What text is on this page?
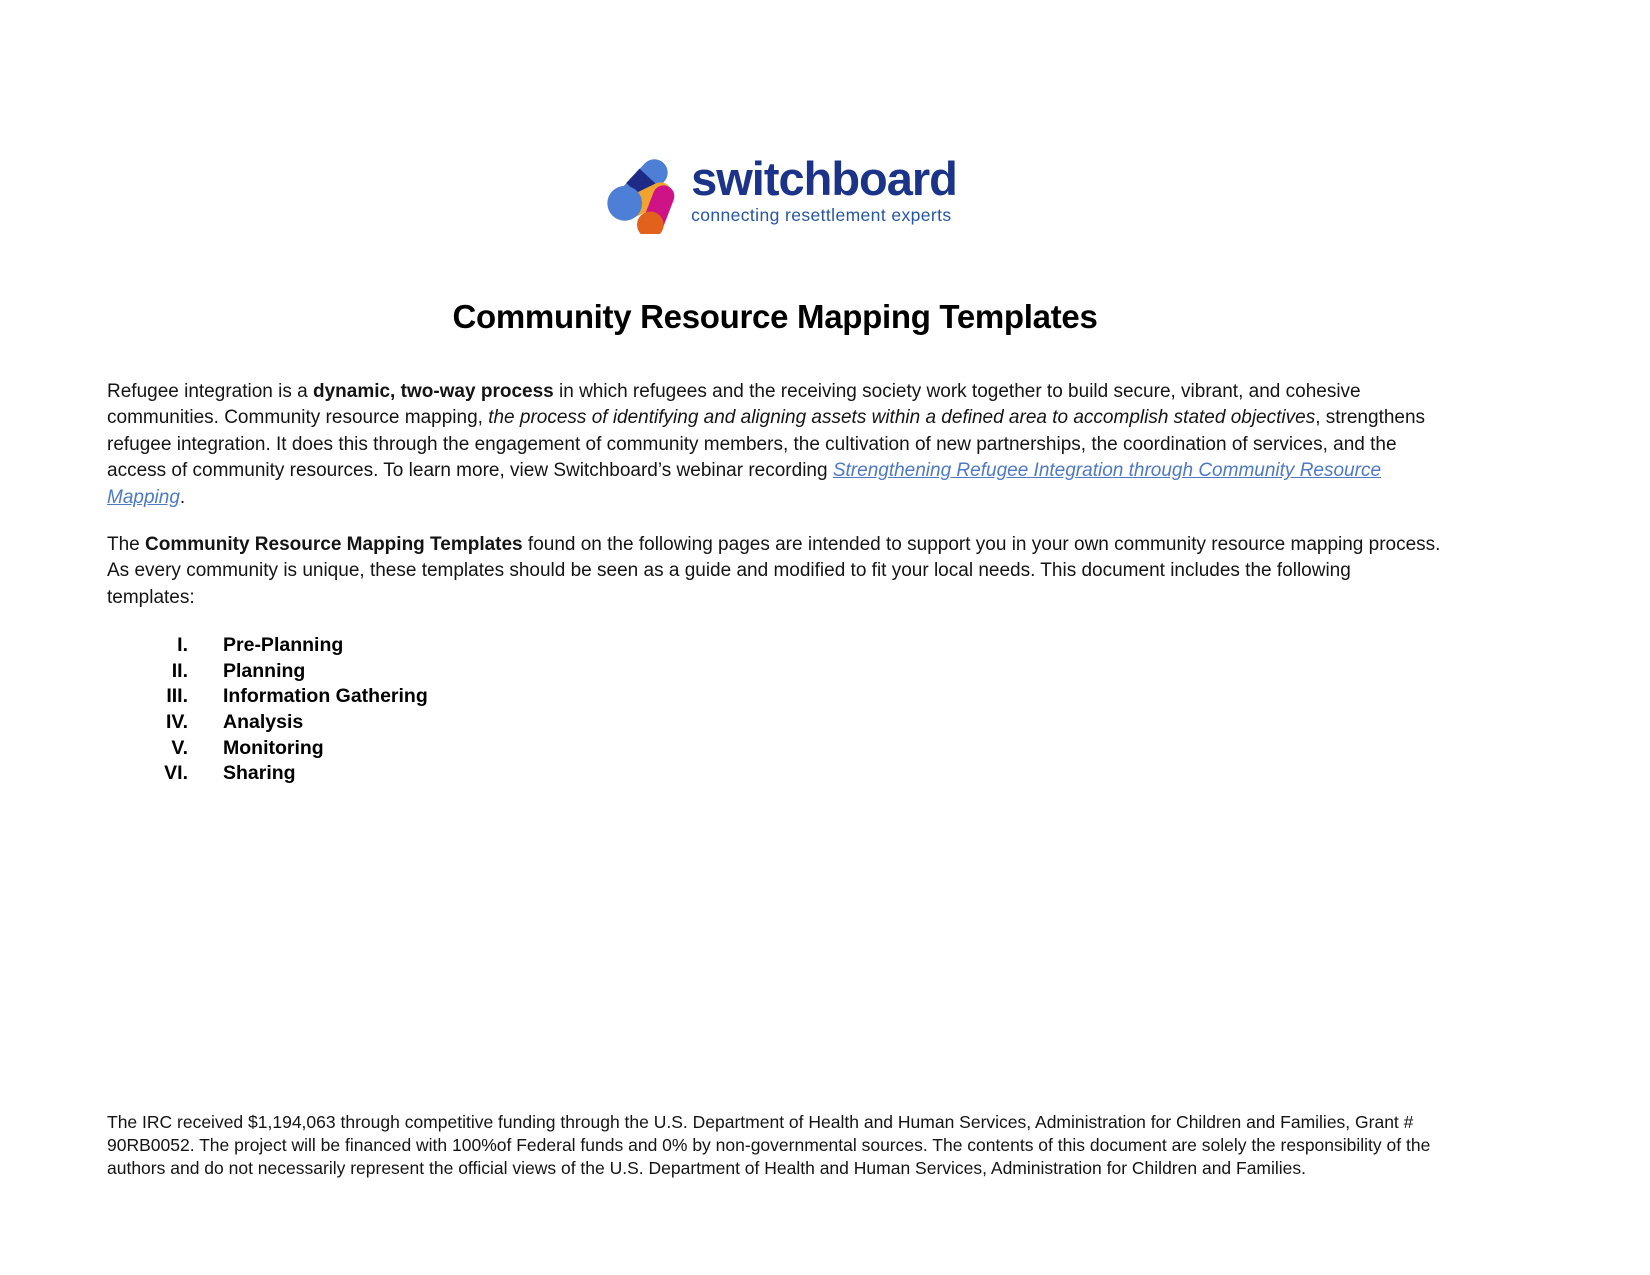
switchboard
connecting resettlement experts
Community Resource Mapping Templates

Refugee integration is a dynamic, two-way process in which refugees and the receiving society work together to build secure, vibrant, and cohesive communities. Community resource mapping, the process of identifying and aligning assets within a defined area to accomplish stated objectives, strengthens refugee integration. It does this through the engagement of community members, the cultivation of new partnerships, the coordination of services, and the access of community resources. To learn more, view Switchboard’s webinar recording Strengthening Refugee Integration through Community Resource Mapping.

The Community Resource Mapping Templates found on the following pages are intended to support you in your own community resource mapping process. As every community is unique, these templates should be seen as a guide and modified to fit your local needs. This document includes the following templates:

I. Pre-Planning
II. Planning
III. Information Gathering
IV. Analysis
V. Monitoring
VI. Sharing

The IRC received $1,194,063 through competitive funding through the U.S. Department of Health and Human Services, Administration for Children and Families, Grant # 90RB0052. The project will be financed with 100%of Federal funds and 0% by non-governmental sources. The contents of this document are solely the responsibility of the authors and do not necessarily represent the official views of the U.S. Department of Health and Human Services, Administration for Children and Families.
